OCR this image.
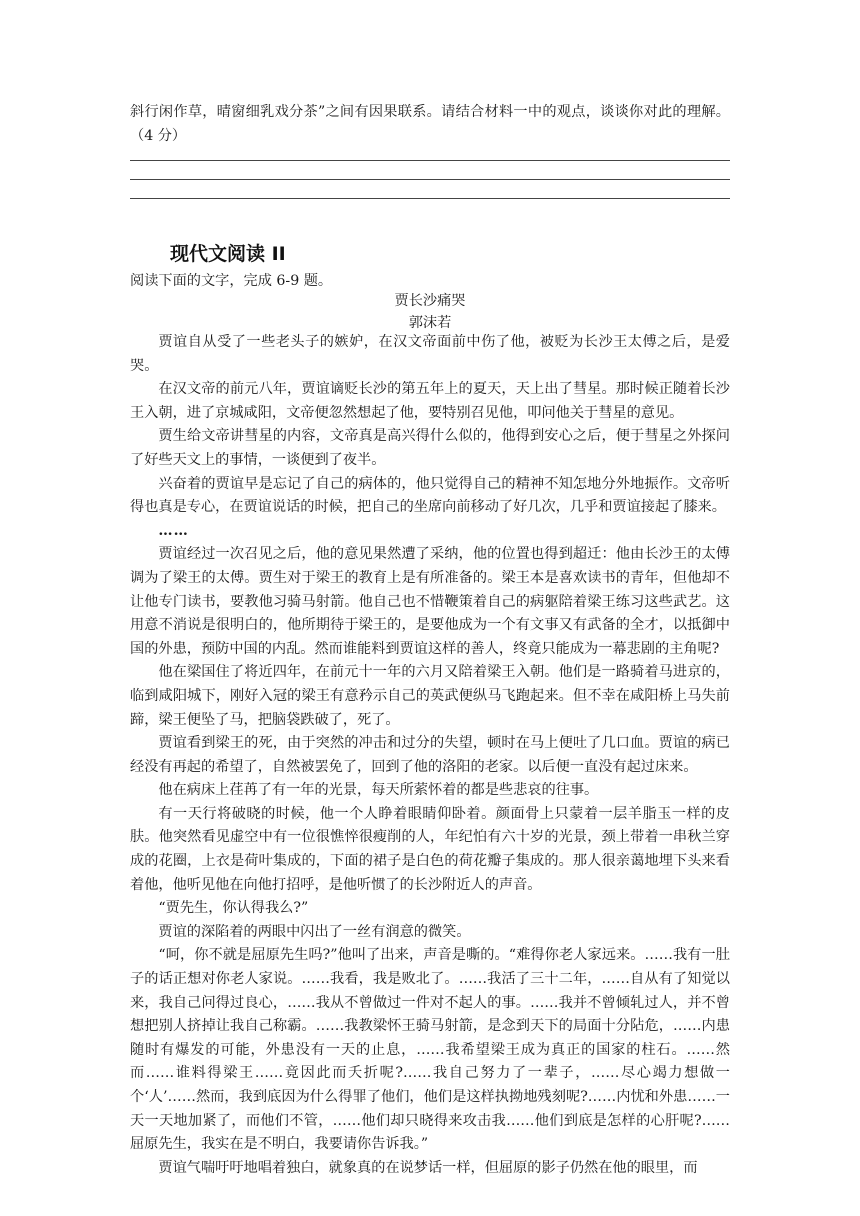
斜行闲作草，晴窗细乳戏分茶”之间有因果联系。请结合材料一中的观点，谈谈你对此的理解。（4 分）
现代文阅读 II
阅读下面的文字，完成 6-9 题。
贾长沙痛哭
郭沫若

贾谊自从受了一些老头子的嫉妒，在汉文帝面前中伤了他，被贬为长沙王太傅之后，是爱哭。

在汉文帝的前元八年，贾谊谪贬长沙的第五年上的夏天，天上出了彗星。那时候正随着长沙王入朝，进了京城咸阳，文帝便忽然想起了他，要特别召见他，叩问他关于彗星的意见。

贾生给文帝讲彗星的内容，文帝真是高兴得什么似的，他得到安心之后，便于彗星之外探问了好些天文上的事情，一谈便到了夜半。

兴奋着的贾谊早是忘记了自己的病体的，他只觉得自己的精神不知怎地分外地振作。文帝听得也真是专心，在贾谊说话的时候，把自己的坐席向前移动了好几次，几乎和贾谊接起了膝来。

……

贾谊经过一次召见之后，他的意见果然遭了采纳，他的位置也得到超迁：他由长沙王的太傅调为了梁王的太傅。贾生对于梁王的教育上是有所准备的。梁王本是喜欢读书的青年，但他却不让他专门读书，要教他习骑马射箭。他自己也不惜鞭策着自己的病躯陪着梁王练习这些武艺。这用意不消说是很明白的，他所期待于梁王的，是要他成为一个有文事又有武备的全才，以抵御中国的外患，预防中国的内乱。然而谁能料到贾谊这样的善人，终竟只能成为一幕悲剧的主角呢?

他在梁国住了将近四年，在前元十一年的六月又陪着梁王入朝。他们是一路骑着马进京的，临到咸阳城下，刚好入冠的梁王有意矜示自己的英武便纵马飞跑起来。但不幸在咸阳桥上马失前蹄，梁王便坠了马，把脑袋跌破了，死了。

贾谊看到梁王的死，由于突然的冲击和过分的失望，顿时在马上便吐了几口血。贾谊的病已经没有再起的希望了，自然被罢免了，回到了他的洛阳的老家。以后便一直没有起过床来。

他在病床上荏苒了有一年的光景，每天所萦怀着的都是些悲哀的往事。

有一天行将破晓的时候，他一个人睁着眼睛仰卧着。颜面骨上只蒙着一层羊脂玉一样的皮肤。他突然看见虚空中有一位很憔悴很瘦削的人，年纪怕有六十岁的光景，颈上带着一串秋兰穿成的花圈，上衣是荷叶集成的，下面的裙子是白色的荷花瓣子集成的。那人很亲蔼地埋下头来看着他，他听见他在向他打招呼，是他听惯了的长沙附近人的声音。

“贾先生，你认得我么?”

贾谊的深陷着的两眼中闪出了一丝有润意的微笑。

“呵，你不就是屈原先生吗?”他叫了出来，声音是嘶的。“难得你老人家远来。……我有一肚子的话正想对你老人家说。……我看，我是败北了。……我活了三十二年，……自从有了知觉以来，我自己问得过良心，……我从不曾做过一件对不起人的事。……我并不曾倾轧过人，并不曾想把别人挤掉让我自己称霸。……我教梁怀王骑马射箭，是念到天下的局面十分阽危，……内患随时有爆发的可能，外患没有一天的止息，……我希望梁王成为真正的国家的柱石。……然而……谁料得梁王……竟因此而夭折呢?……我自己努力了一辈子，……尽心竭力想做一个‘人’……然而，我到底因为什么得罪了他们，他们是这样执拗地残刻呢?……内忧和外患……一天一天地加紧了，而他们不管，……他们却只晓得来攻击我……他们到底是怎样的心肝呢?……屈原先生，我实在是不明白，我要请你告诉我。”

贾谊气喘吁吁地唱着独白，就象真的在说梦话一样，但屈原的影子仍然在他的眼里，而
